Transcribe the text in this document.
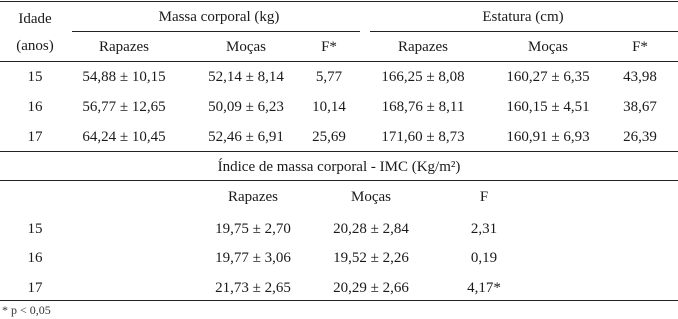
Idade
(anos)
Massa corporal (kg)	Estatura (cm)
Rapazes	Moças	F*	Rapazes	Moças	F*
15	54,88 ± 10,15	52,14 ± 8,14 5,77	166,25 ± 8,08	160,27 ± 6,35 43,98
16	56,77 ± 12,65	50,09 ± 6,23 10,14 168,76 ± 8,11	160,15 ± 4,51 38,67
17	64,24 ± 10,45	52,46 ± 6,91 25,69 171,60 ± 8,73	160,91 ± 6,93 26,39
Índice de massa corporal - IMC (Kg/m²)
Rapazes	Moças	F
15	19,75 ± 2,70	20,28 ± 2,84	2,31
16	19,77 ± 3,06	19,52 ± 2,26	0,19
17	21,73 ± 2,65	20,29 ± 2,66	4,17*
* p < 0,05
